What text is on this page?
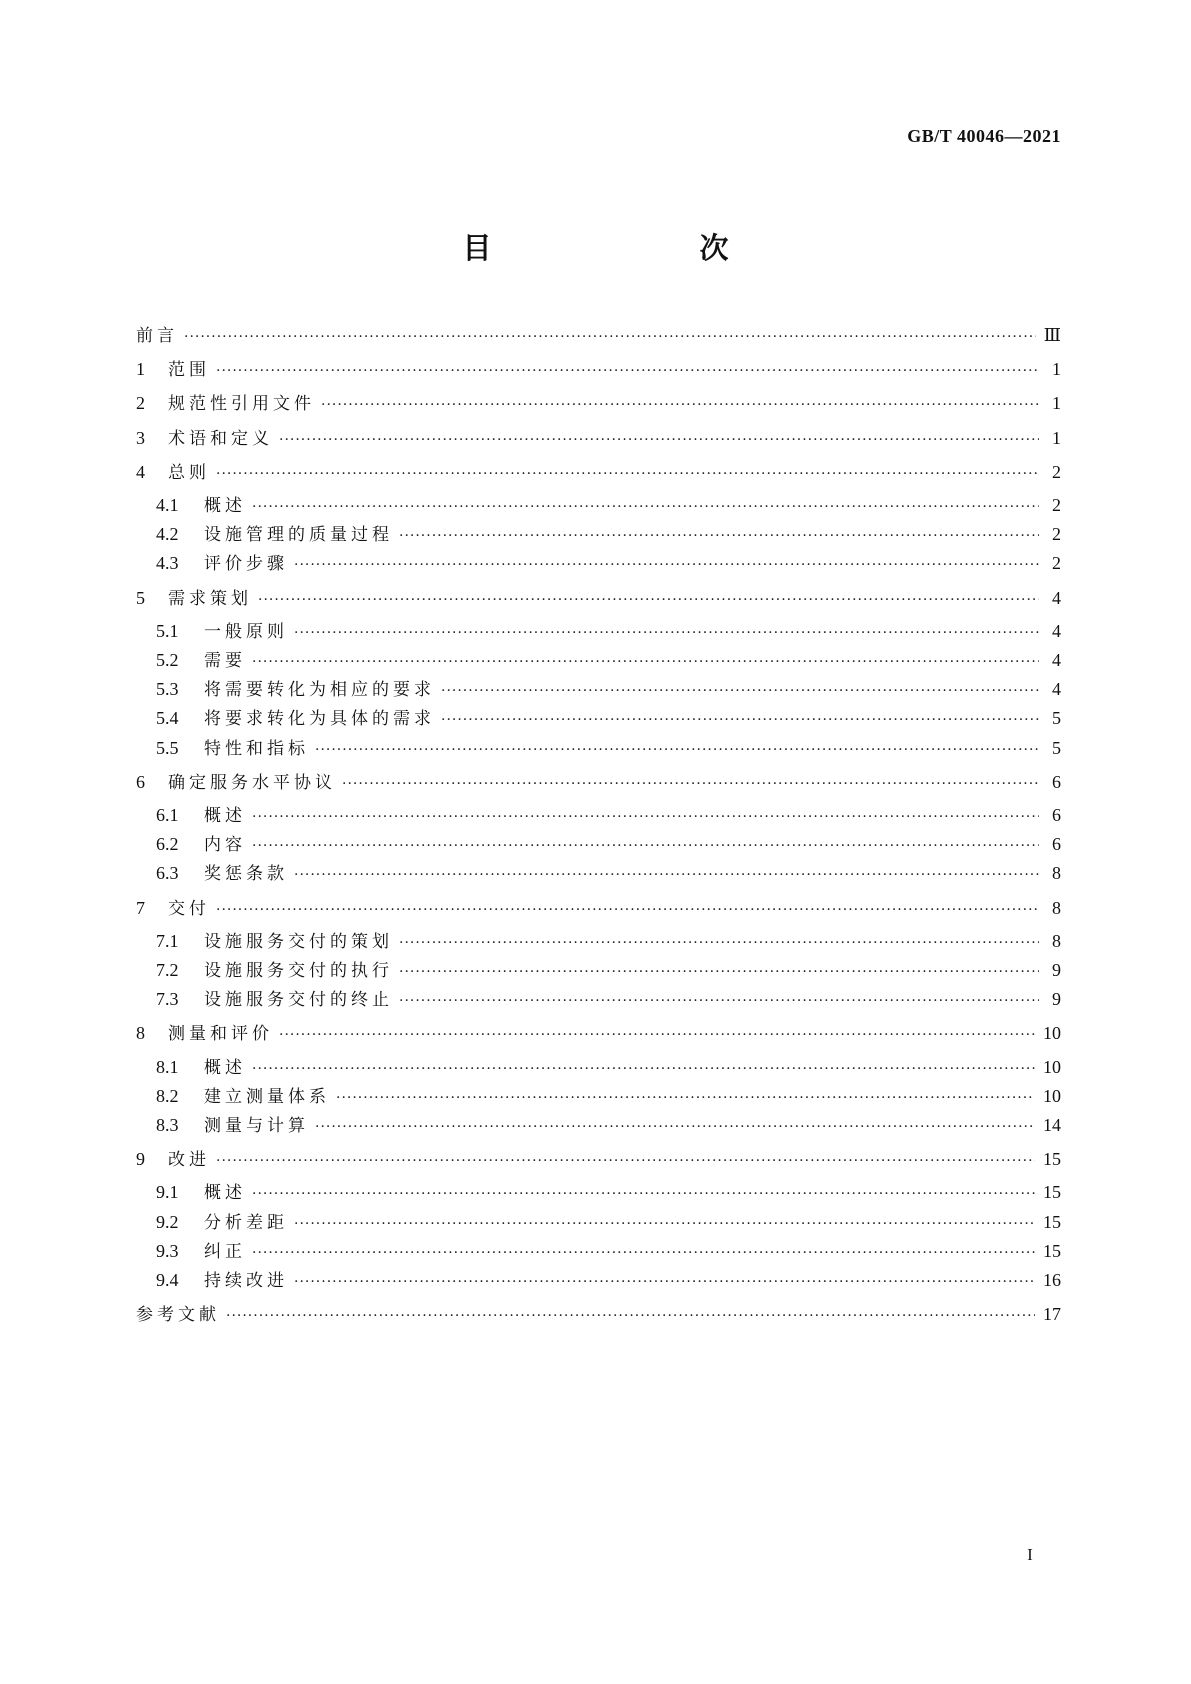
GB/T 40046—2021
目　　次
前言 ·····	Ⅲ
1	范围 ·····	1
2	规范性引用文件 ·····	1
3	术语和定义 ·····	1
4	总则 ·····	2
4.1	概述 ·····	2
4.2	设施管理的质量过程 ·····	2
4.3	评价步骤 ·····	2
5	需求策划 ·····	4
5.1	一般原则 ·····	4
5.2	需要 ·····	4
5.3	将需要转化为相应的要求 ·····	4
5.4	将要求转化为具体的需求 ·····	5
5.5	特性和指标 ·····	5
6	确定服务水平协议 ·····	6
6.1	概述 ·····	6
6.2	内容 ·····	6
6.3	奖惩条款 ·····	8
7	交付 ·····	8
7.1	设施服务交付的策划 ·····	8
7.2	设施服务交付的执行 ·····	9
7.3	设施服务交付的终止 ·····	9
8	测量和评价 ·····	10
8.1	概述 ·····	10
8.2	建立测量体系 ·····	10
8.3	测量与计算 ·····	14
9	改进 ·····	15
9.1	概述 ·····	15
9.2	分析差距 ·····	15
9.3	纠正 ·····	15
9.4	持续改进 ·····	16
参考文献 ·····	17
I
